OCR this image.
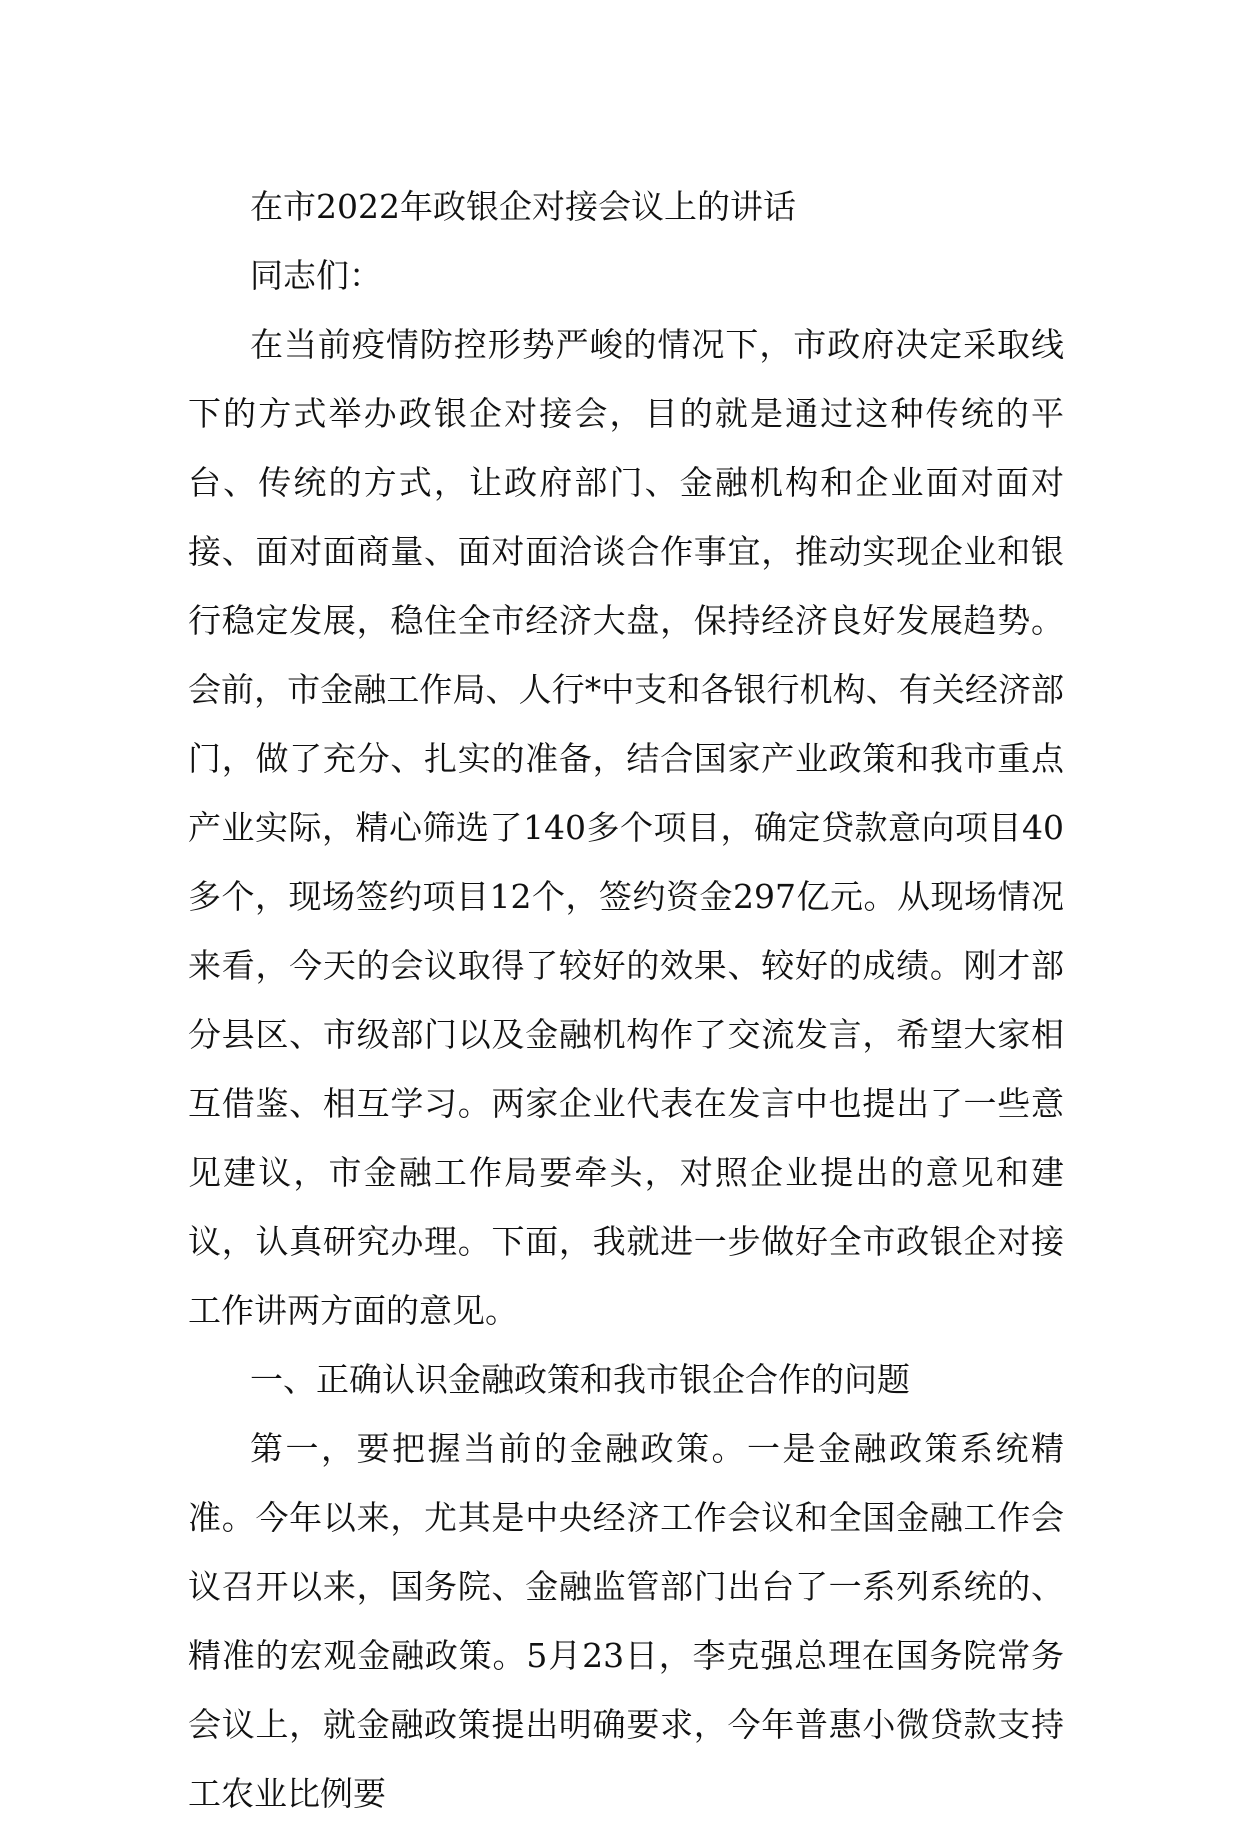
在市2022年政银企对接会议上的讲话

同志们：

在当前疫情防控形势严峻的情况下，市政府决定采取线下的方式举办政银企对接会，目的就是通过这种传统的平台、传统的方式，让政府部门、金融机构和企业面对面对接、面对面商量、面对面洽谈合作事宜，推动实现企业和银行稳定发展，稳住全市经济大盘，保持经济良好发展趋势。会前，市金融工作局、人行*中支和各银行机构、有关经济部门，做了充分、扎实的准备，结合国家产业政策和我市重点产业实际，精心筛选了140多个项目，确定贷款意向项目40多个，现场签约项目12个，签约资金297亿元。从现场情况来看，今天的会议取得了较好的效果、较好的成绩。刚才部分县区、市级部门以及金融机构作了交流发言，希望大家相互借鉴、相互学习。两家企业代表在发言中也提出了一些意见建议，市金融工作局要牵头，对照企业提出的意见和建议，认真研究办理。下面，我就进一步做好全市政银企对接工作讲两方面的意见。

一、正确认识金融政策和我市银企合作的问题

第一，要把握当前的金融政策。一是金融政策系统精准。今年以来，尤其是中央经济工作会议和全国金融工作会议召开以来，国务院、金融监管部门出台了一系列系统的、精准的宏观金融政策。5月23日，李克强总理在国务院常务会议上，就金融政策提出明确要求，今年普惠小微贷款支持工农业比例要
